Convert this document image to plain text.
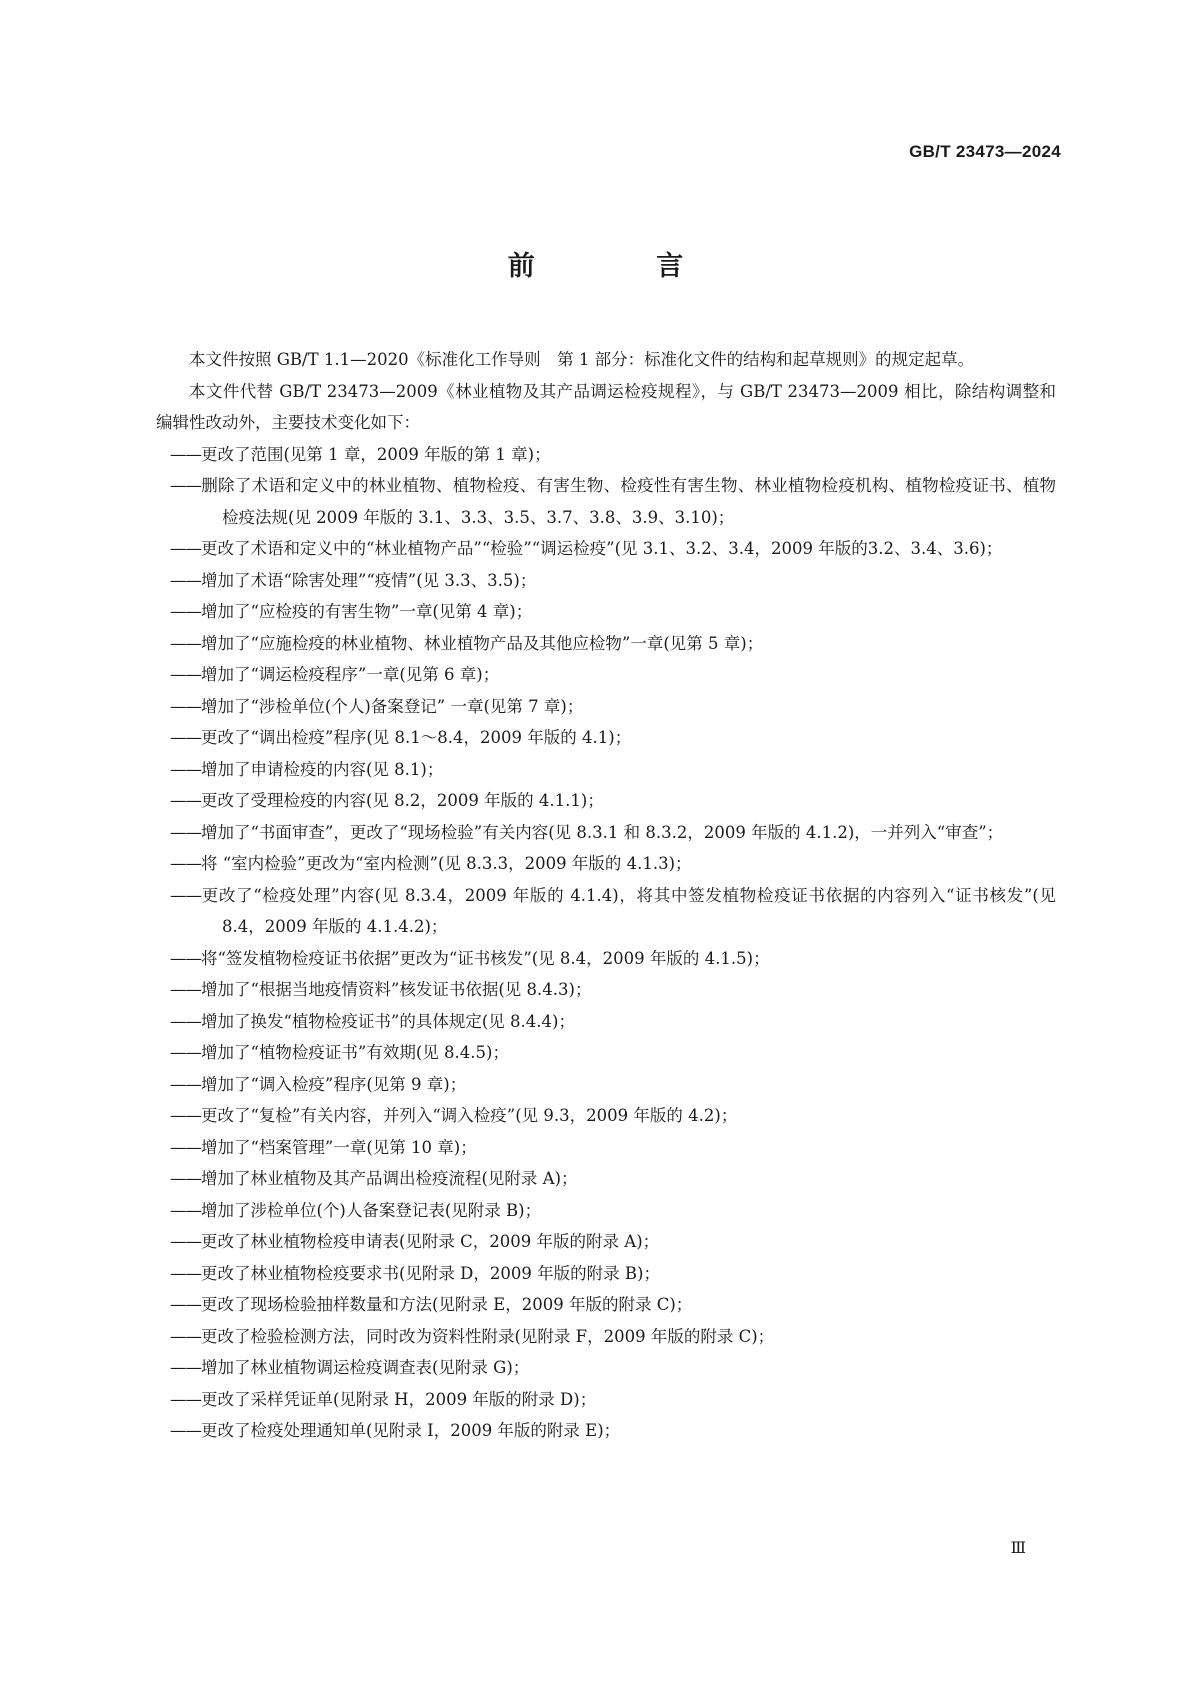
GB/T 23473—2024
前 言
本文件按照 GB/T 1.1—2020《标准化工作导则　第 1 部分：标准化文件的结构和起草规则》的规定起草。
本文件代替 GB/T 23473—2009《林业植物及其产品调运检疫规程》，与 GB/T 23473—2009 相比，除结构调整和编辑性改动外，主要技术变化如下：
——更改了范围(见第 1 章，2009 年版的第 1 章)；
——删除了术语和定义中的林业植物、植物检疫、有害生物、检疫性有害生物、林业植物检疫机构、植物检疫证书、植物检疫法规(见 2009 年版的 3.1、3.3、3.5、3.7、3.8、3.9、3.10)；
——更改了术语和定义中的“林业植物产品”“检验”“调运检疫”(见 3.1、3.2、3.4，2009 年版的3.2、3.4、3.6)；
——增加了术语“除害处理”“疫情”(见 3.3、3.5)；
——增加了“应检疫的有害生物”一章(见第 4 章)；
——增加了“应施检疫的林业植物、林业植物产品及其他应检物”一章(见第 5 章)；
——增加了“调运检疫程序”一章(见第 6 章)；
——增加了“涉检单位(个人)备案登记” 一章(见第 7 章)；
——更改了“调出检疫”程序(见 8.1～8.4，2009 年版的 4.1)；
——增加了申请检疫的内容(见 8.1)；
——更改了受理检疫的内容(见 8.2，2009 年版的 4.1.1)；
——增加了“书面审查”，更改了“现场检验”有关内容(见 8.3.1 和 8.3.2，2009 年版的 4.1.2)，一并列入“审查”；
——将 “室内检验”更改为“室内检测”(见 8.3.3，2009 年版的 4.1.3)；
——更改了“检疫处理”内容(见 8.3.4，2009 年版的 4.1.4)，将其中签发植物检疫证书依据的内容列入“证书核发”(见 8.4，2009 年版的 4.1.4.2)；
——将“签发植物检疫证书依据”更改为“证书核发”(见 8.4，2009 年版的 4.1.5)；
——增加了“根据当地疫情资料”核发证书依据(见 8.4.3)；
——增加了换发“植物检疫证书”的具体规定(见 8.4.4)；
——增加了“植物检疫证书”有效期(见 8.4.5)；
——增加了“调入检疫”程序(见第 9 章)；
——更改了“复检”有关内容，并列入“调入检疫”(见 9.3，2009 年版的 4.2)；
——增加了“档案管理”一章(见第 10 章)；
——增加了林业植物及其产品调出检疫流程(见附录 A)；
——增加了涉检单位(个)人备案登记表(见附录 B)；
——更改了林业植物检疫申请表(见附录 C，2009 年版的附录 A)；
——更改了林业植物检疫要求书(见附录 D，2009 年版的附录 B)；
——更改了现场检验抽样数量和方法(见附录 E，2009 年版的附录 C)；
——更改了检验检测方法，同时改为资料性附录(见附录 F，2009 年版的附录 C)；
——增加了林业植物调运检疫调查表(见附录 G)；
——更改了采样凭证单(见附录 H，2009 年版的附录 D)；
——更改了检疫处理通知单(见附录 I，2009 年版的附录 E)；
Ⅲ
